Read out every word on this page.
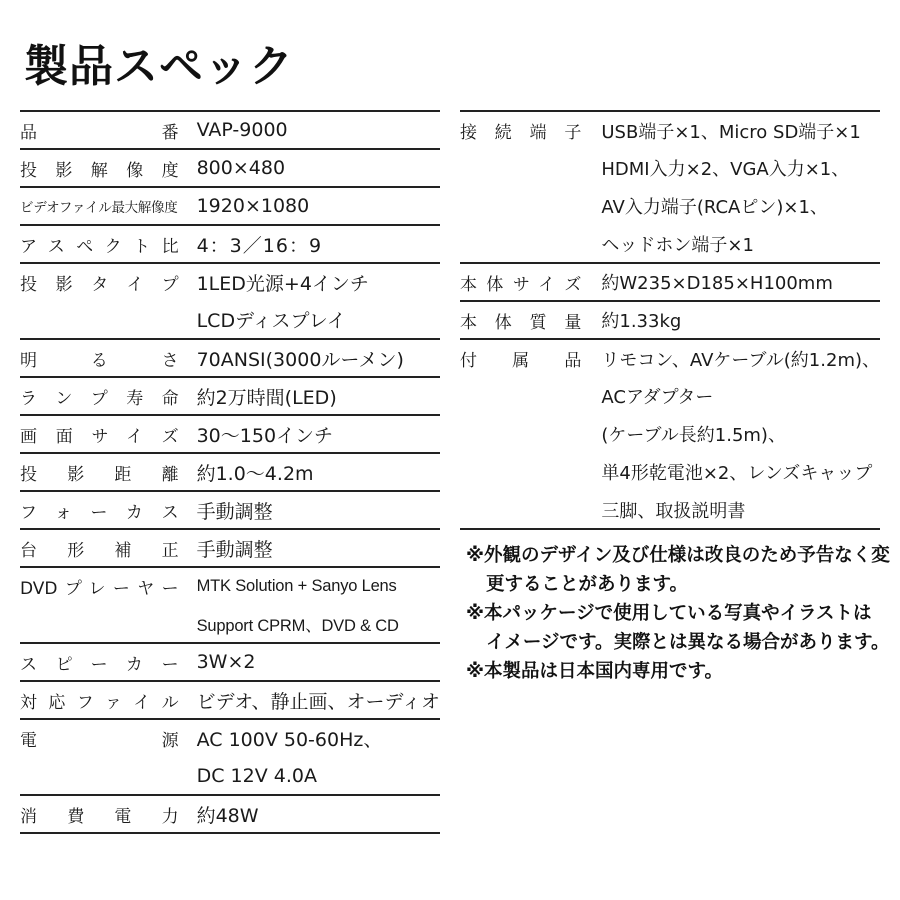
製品スペック
品番	VAP-9000
投影解像度	800×480
ビデオファイル最大解像度	1920×1080
アスペクト比	4：3／16：9
投影タイプ	1LED光源+4インチ
	LCDディスプレイ
明るさ	70ANSI(3000ルーメン)
ランプ寿命	約2万時間(LED)
画面サイズ	30〜150インチ
投影距離	約1.0〜4.2m
フォーカス	手動調整
台形補正	手動調整
DVDプレーヤー	MTK Solution + Sanyo Lens
	Support CPRM、DVD & CD
スピーカー	3W×2
対応ファイル	ビデオ、静止画、オーディオ
電源	AC 100V 50-60Hz、
	DC 12V 4.0A
消費電力	約48W
接続端子	USB端子×1、Micro SD端子×1
	HDMI入力×2、VGA入力×1、
	AV入力端子(RCAピン)×1、
	ヘッドホン端子×1
本体サイズ	約W235×D185×H100mm
本体質量	約1.33kg
付属品	リモコン、AVケーブル(約1.2m)、
	ACアダプター
	(ケーブル長約1.5m)、
	単4形乾電池×2、レンズキャップ
	三脚、取扱説明書

※外観のデザイン及び仕様は改良のため予告なく変更することがあります。

※本パッケージで使用している写真やイラストはイメージです。実際とは異なる場合があります。

※本製品は日本国内専用です。
